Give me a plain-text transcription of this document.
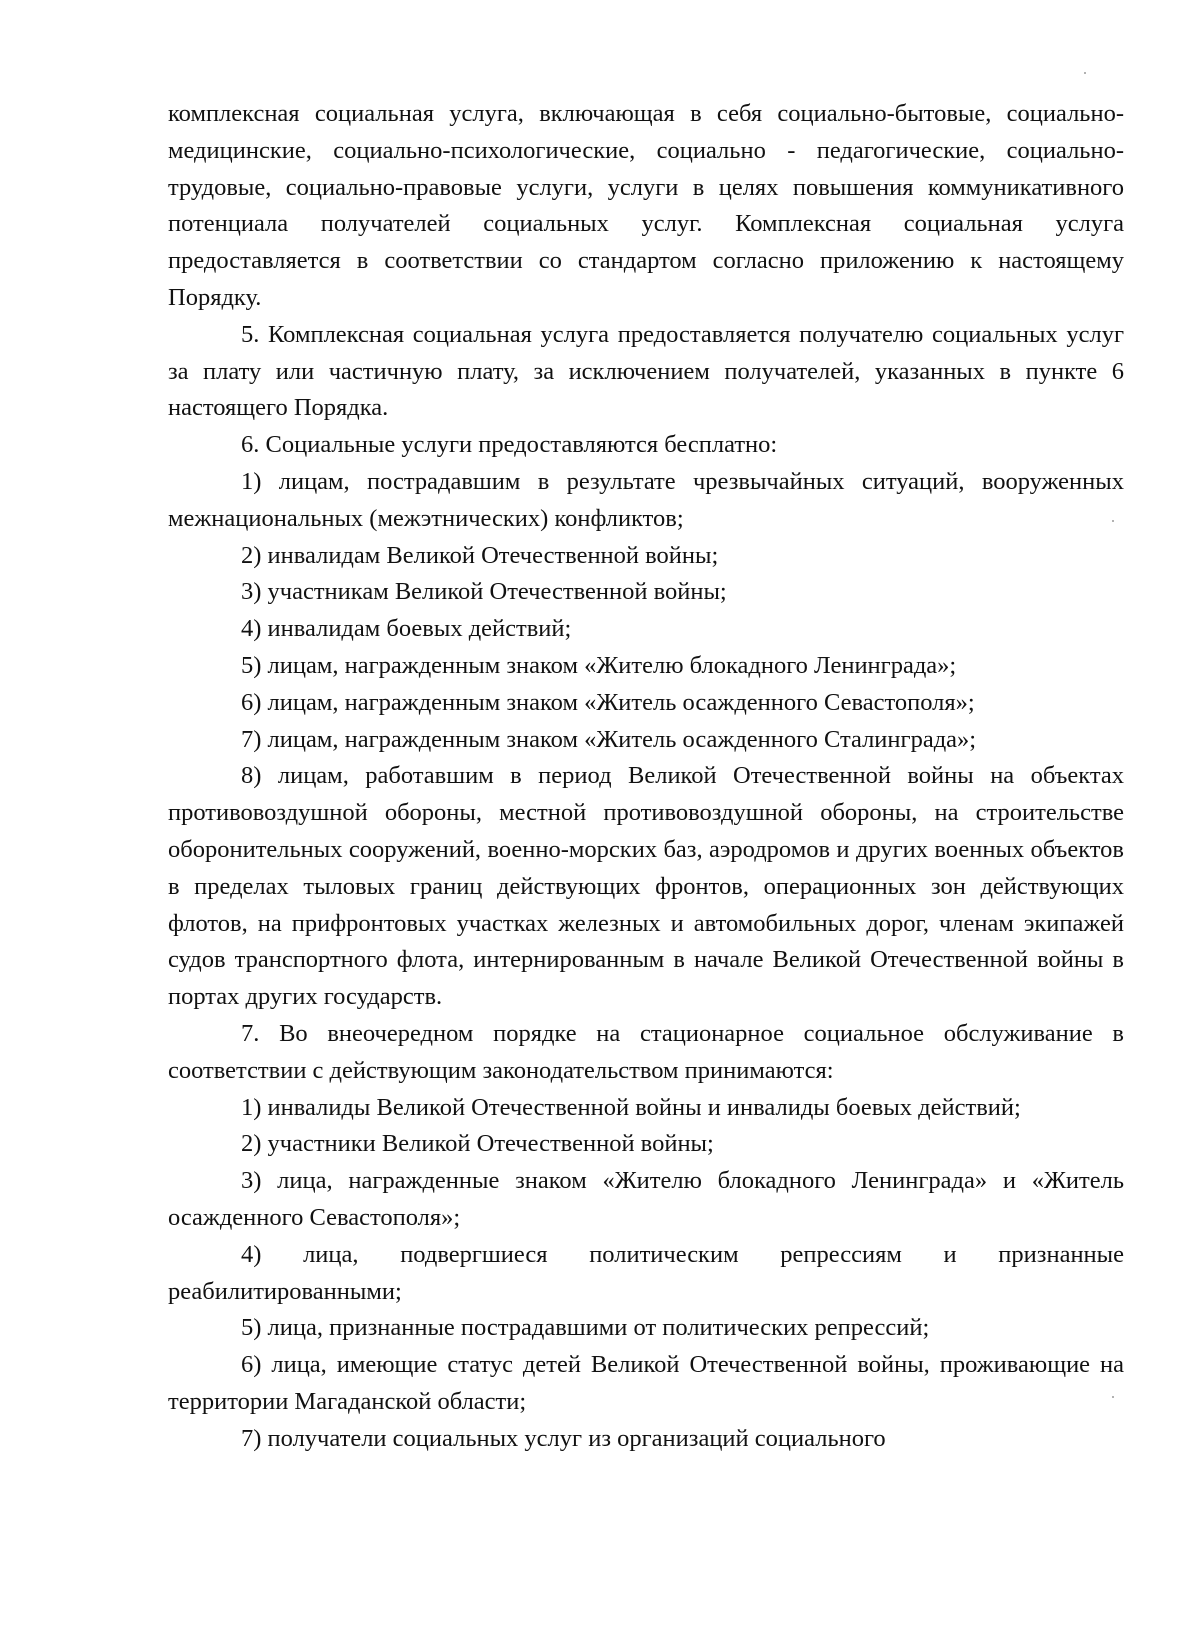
комплексная социальная услуга, включающая в себя социально-бытовые, социально-медицинские, социально-психологические, социально - педагогические, социально-трудовые, социально-правовые услуги, услуги в целях повышения коммуникативного потенциала получателей социальных услуг. Комплексная социальная услуга предоставляется в соответствии со стандартом согласно приложению к настоящему Порядку.

5. Комплексная социальная услуга предоставляется получателю социальных услуг за плату или частичную плату, за исключением получателей, указанных в пункте 6 настоящего Порядка.

6. Социальные услуги предоставляются бесплатно:

1) лицам, пострадавшим в результате чрезвычайных ситуаций, вооруженных межнациональных (межэтнических) конфликтов;

2) инвалидам Великой Отечественной войны;

3) участникам Великой Отечественной войны;

4) инвалидам боевых действий;

5) лицам, награжденным знаком «Жителю блокадного Ленинграда»;

6) лицам, награжденным знаком «Житель осажденного Севастополя»;

7) лицам, награжденным знаком «Житель осажденного Сталинграда»;

8) лицам, работавшим в период Великой Отечественной войны на объектах противовоздушной обороны, местной противовоздушной обороны, на строительстве оборонительных сооружений, военно-морских баз, аэродромов и других военных объектов в пределах тыловых границ действующих фронтов, операционных зон действующих флотов, на прифронтовых участках железных и автомобильных дорог, членам экипажей судов транспортного флота, интернированным в начале Великой Отечественной войны в портах других государств.

7. Во внеочередном порядке на стационарное социальное обслуживание в соответствии с действующим законодательством принимаются:

1) инвалиды Великой Отечественной войны и инвалиды боевых действий;

2) участники Великой Отечественной войны;

3) лица, награжденные знаком «Жителю блокадного Ленинграда» и «Житель осажденного Севастополя»;

4) лица, подвергшиеся политическим репрессиям и признанные реабилитированными;

5) лица, признанные пострадавшими от политических репрессий;

6) лица, имеющие статус детей Великой Отечественной войны, проживающие на территории Магаданской области;

7) получатели социальных услуг из организаций социального
